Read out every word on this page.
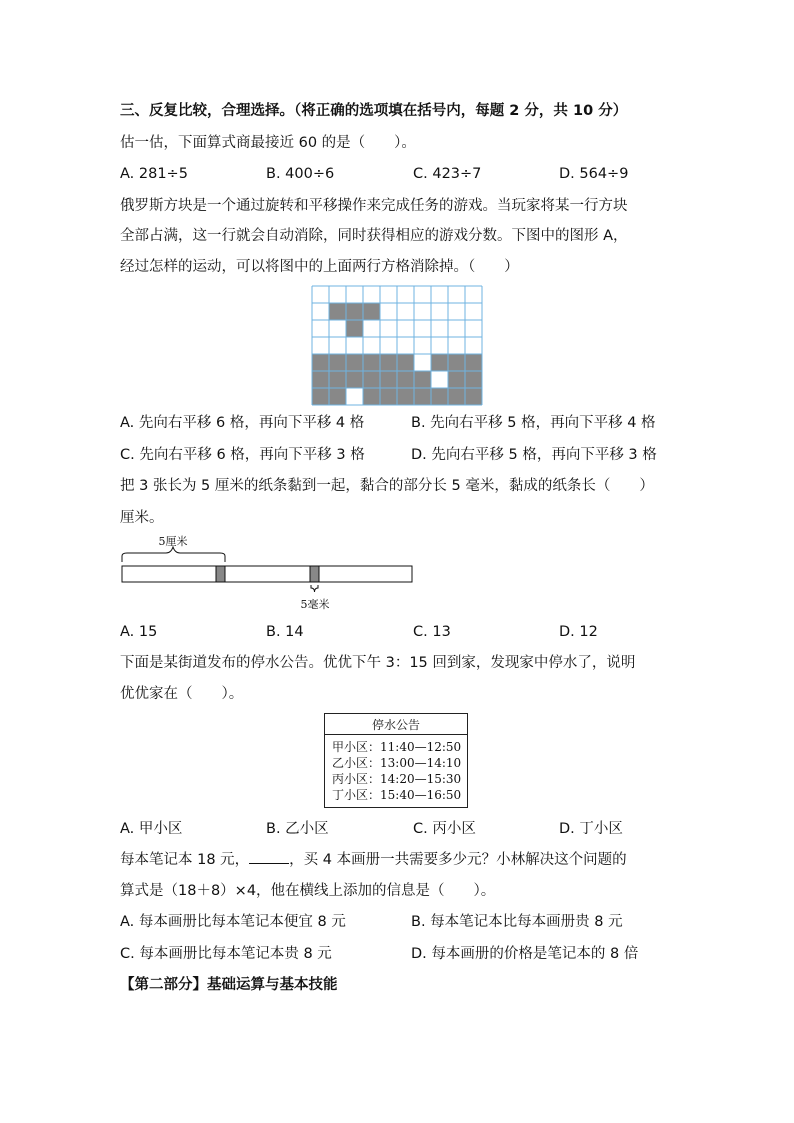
三、反复比较，合理选择。（将正确的选项填在括号内，每题 2 分，共 10 分）
估一估，下面算式商最接近 60 的是（　　）。
A. 281÷5	B. 400÷6	C. 423÷7	D. 564÷9
俄罗斯方块是一个通过旋转和平移操作来完成任务的游戏。当玩家将某一行方块
全部占满，这一行就会自动消除，同时获得相应的游戏分数。下图中的图形 A，
经过怎样的运动，可以将图中的上面两行方格消除掉。（　　）
A. 先向右平移 6 格，再向下平移 4 格	B. 先向右平移 5 格，再向下平移 4 格
C. 先向右平移 6 格，再向下平移 3 格	D. 先向右平移 5 格，再向下平移 3 格
把 3 张长为 5 厘米的纸条黏到一起，黏合的部分长 5 毫米，黏成的纸条长（　　）
厘米。
5厘米
5毫米
A. 15	B. 14	C. 13	D. 12
下面是某街道发布的停水公告。优优下午 3：15 回到家，发现家中停水了，说明
优优家在（　　）。
停水公告
甲小区：11:40—12:50
乙小区：13:00—14:10
丙小区：14:20—15:30
丁小区：15:40—16:50
A. 甲小区	B. 乙小区	C. 丙小区	D. 丁小区
每本笔记本 18 元，	，买 4 本画册一共需要多少元？小林解决这个问题的
算式是（18＋8）×4，他在横线上添加的信息是（　　）。
A. 每本画册比每本笔记本便宜 8 元	B. 每本笔记本比每本画册贵 8 元
C. 每本画册比每本笔记本贵 8 元	D. 每本画册的价格是笔记本的 8 倍
【第二部分】基础运算与基本技能
